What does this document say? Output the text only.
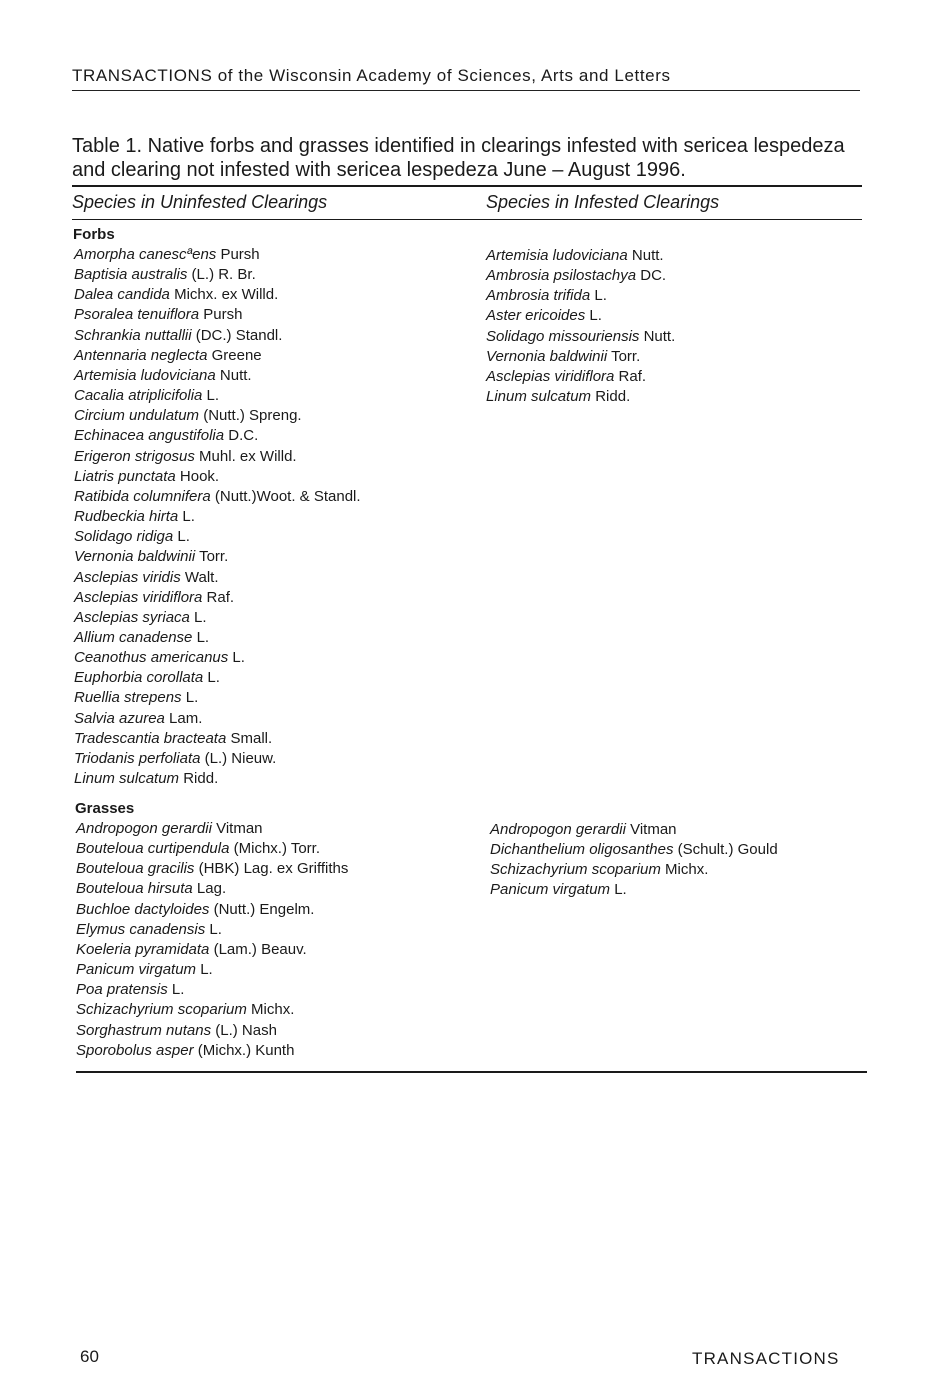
TRANSACTIONS of the Wisconsin Academy of Sciences, Arts and Letters
Table 1. Native forbs and grasses identified in clearings infested with sericea lespedeza and clearing not infested with sericea lespedeza June – August 1996.
Species in Uninfested Clearings	Species in Infested Clearings
Forbs
Amorpha canescªens Pursh
Baptisia australis (L.) R. Br.
Dalea candida Michx. ex Willd.
Psoralea tenuiflora Pursh
Schrankia nuttallii (DC.) Standl.
Antennaria neglecta Greene
Artemisia ludoviciana Nutt.
Cacalia atriplicifolia L.
Circium undulatum (Nutt.) Spreng.
Echinacea angustifolia D.C.
Erigeron strigosus Muhl. ex Willd.
Liatris punctata Hook.
Ratibida columnifera (Nutt.)Woot. & Standl.
Rudbeckia hirta L.
Solidago ridiga L.
Vernonia baldwinii Torr.
Asclepias viridis Walt.
Asclepias viridiflora Raf.
Asclepias syriaca L.
Allium canadense L.
Ceanothus americanus L.
Euphorbia corollata L.
Ruellia strepens L.
Salvia azurea Lam.
Tradescantia bracteata Small.
Triodanis perfoliata (L.) Nieuw.
Linum sulcatum Ridd.
Artemisia ludoviciana Nutt.
Ambrosia psilostachya DC.
Ambrosia trifida L.
Aster ericoides L.
Solidago missouriensis Nutt.
Vernonia baldwinii Torr.
Asclepias viridiflora Raf.
Linum sulcatum Ridd.
Grasses
Andropogon gerardii Vitman
Bouteloua curtipendula (Michx.) Torr.
Bouteloua gracilis (HBK) Lag. ex Griffiths
Bouteloua hirsuta Lag.
Buchloe dactyloides (Nutt.) Engelm.
Elymus canadensis L.
Koeleria pyramidata (Lam.) Beauv.
Panicum virgatum L.
Poa pratensis L.
Schizachyrium scoparium Michx.
Sorghastrum nutans (L.) Nash
Sporobolus asper (Michx.) Kunth
Andropogon gerardii Vitman
Dichanthelium oligosanthes (Schult.) Gould
Schizachyrium scoparium Michx.
Panicum virgatum L.
60	TRANSACTIONS
